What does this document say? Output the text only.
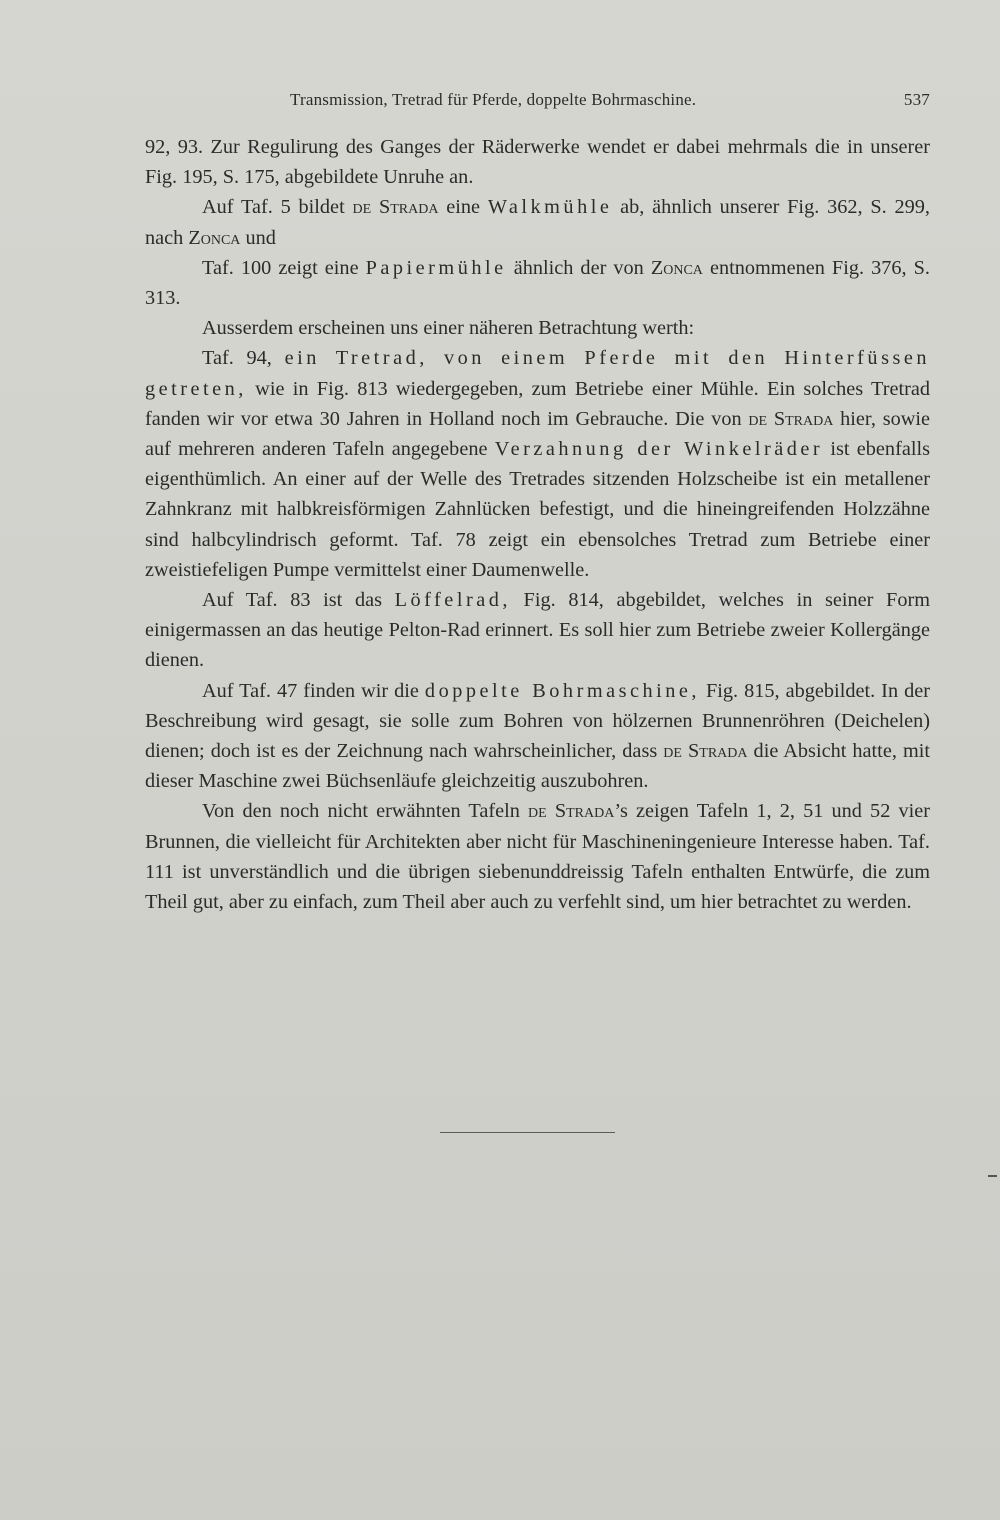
Transmission, Tretrad für Pferde, doppelte Bohrmaschine.	537

92, 93. Zur Regulirung des Ganges der Räderwerke wendet er dabei mehrmals die in unserer Fig. 195, S. 175, abgebildete Unruhe an.

Auf Taf. 5 bildet de Strada eine Walkmühle ab, ähnlich unserer Fig. 362, S. 299, nach Zonca und

Taf. 100 zeigt eine Papiermühle ähnlich der von Zonca entnommenen Fig. 376, S. 313.

Ausserdem erscheinen uns einer näheren Betrachtung werth:

Taf. 94, ein Tretrad, von einem Pferde mit den Hinterfüssen getreten, wie in Fig. 813 wiedergegeben, zum Betriebe einer Mühle. Ein solches Tretrad fanden wir vor etwa 30 Jahren in Holland noch im Gebrauche. Die von de Strada hier, sowie auf mehreren anderen Tafeln angegebene Verzahnung der Winkelräder ist ebenfalls eigenthümlich. An einer auf der Welle des Tretrades sitzenden Holzscheibe ist ein metallener Zahnkranz mit halbkreisförmigen Zahnlücken befestigt, und die hineingreifenden Holzzähne sind halbcylindrisch geformt. Taf. 78 zeigt ein ebensolches Tretrad zum Betriebe einer zweistiefeligen Pumpe vermittelst einer Daumenwelle.

Auf Taf. 83 ist das Löffelrad, Fig. 814, abgebildet, welches in seiner Form einigermassen an das heutige Pelton-Rad erinnert. Es soll hier zum Betriebe zweier Kollergänge dienen.

Auf Taf. 47 finden wir die doppelte Bohrmaschine, Fig. 815, abgebildet. In der Beschreibung wird gesagt, sie solle zum Bohren von hölzernen Brunnenröhren (Deichelen) dienen; doch ist es der Zeichnung nach wahrscheinlicher, dass de Strada die Absicht hatte, mit dieser Maschine zwei Büchsenläufe gleichzeitig auszubohren.

Von den noch nicht erwähnten Tafeln de Strada’s zeigen Tafeln 1, 2, 51 und 52 vier Brunnen, die vielleicht für Architekten aber nicht für Maschineningenieure Interesse haben. Taf. 111 ist unverständlich und die übrigen siebenunddreissig Tafeln enthalten Entwürfe, die zum Theil gut, aber zu einfach, zum Theil aber auch zu verfehlt sind, um hier betrachtet zu werden.
